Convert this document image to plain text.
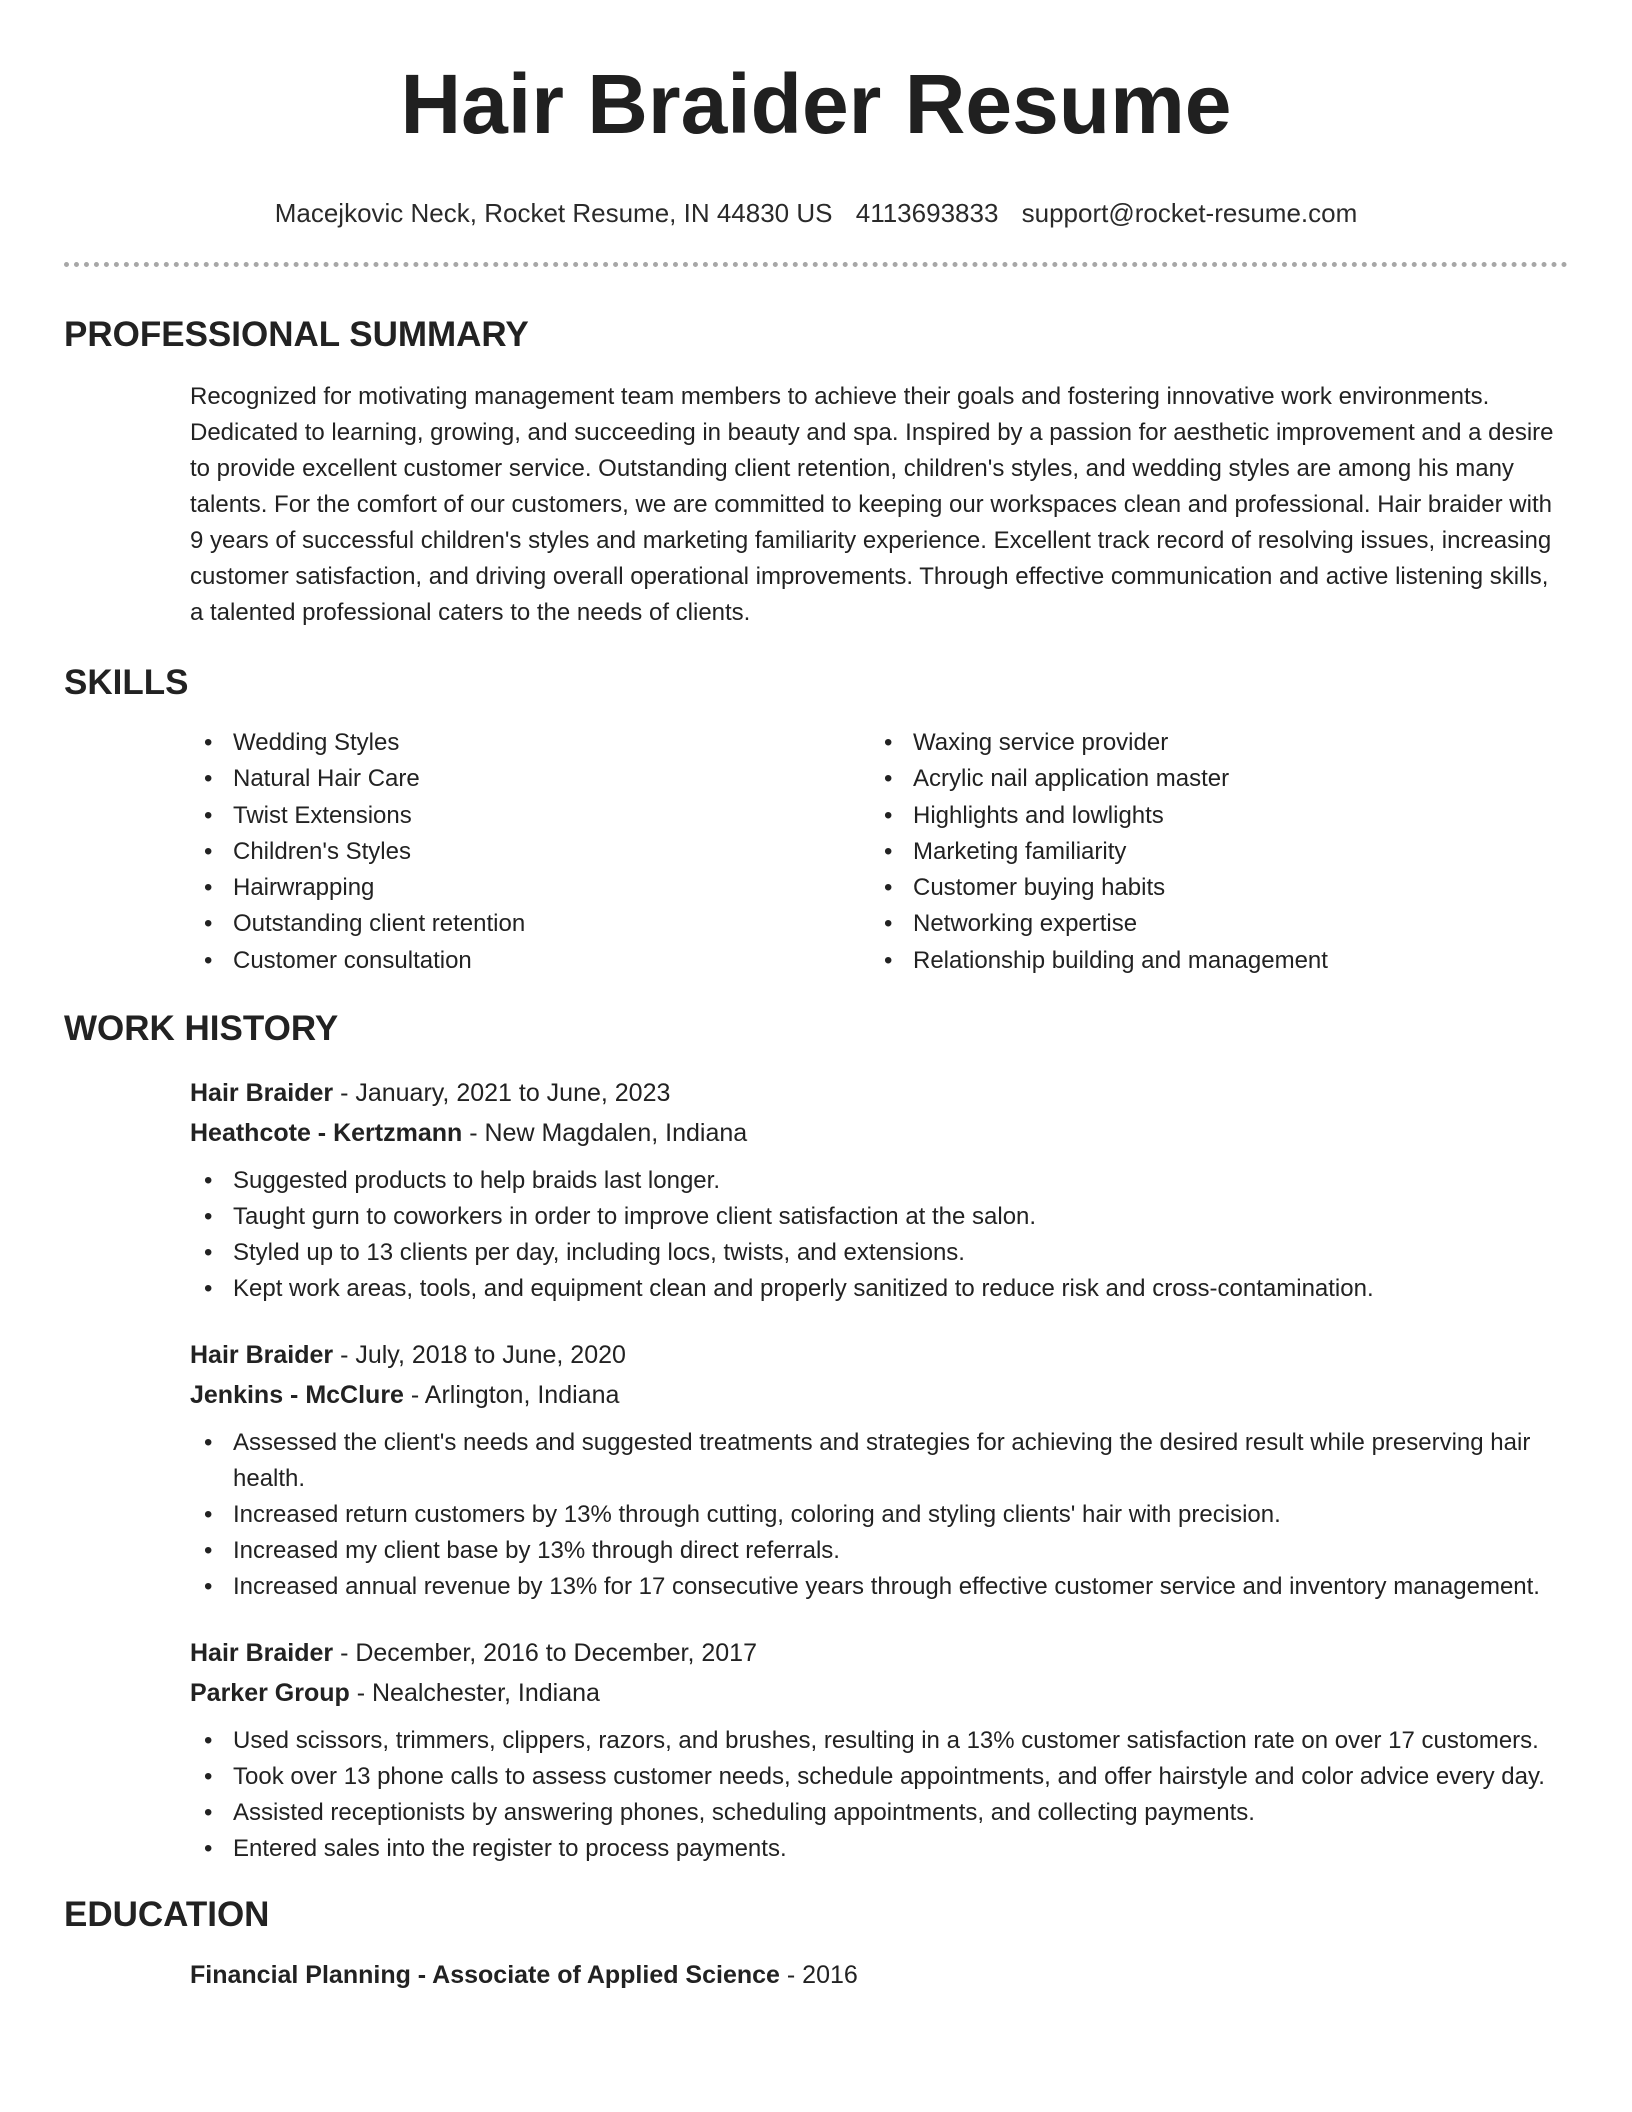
Hair Braider Resume
Macejkovic Neck, Rocket Resume, IN 44830 US 4113693833 support@rocket-resume.com
PROFESSIONAL SUMMARY

Recognized for motivating management team members to achieve their goals and fostering innovative work environments. Dedicated to learning, growing, and succeeding in beauty and spa. Inspired by a passion for aesthetic improvement and a desire to provide excellent customer service. Outstanding client retention, children's styles, and wedding styles are among his many talents. For the comfort of our customers, we are committed to keeping our workspaces clean and professional. Hair braider with 9 years of successful children's styles and marketing familiarity experience. Excellent track record of resolving issues, increasing customer satisfaction, and driving overall operational improvements. Through effective communication and active listening skills, a talented professional caters to the needs of clients.

SKILLS
• Wedding Styles
• Natural Hair Care
• Twist Extensions
• Children's Styles
• Hairwrapping
• Outstanding client retention
• Customer consultation
• Waxing service provider
• Acrylic nail application master
• Highlights and lowlights
• Marketing familiarity
• Customer buying habits
• Networking expertise
• Relationship building and management
WORK HISTORY
Hair Braider - January, 2021 to June, 2023
Heathcote - Kertzmann - New Magdalen, Indiana
• Suggested products to help braids last longer.
• Taught gurn to coworkers in order to improve client satisfaction at the salon.
• Styled up to 13 clients per day, including locs, twists, and extensions.
• Kept work areas, tools, and equipment clean and properly sanitized to reduce risk and cross-contamination.
Hair Braider - July, 2018 to June, 2020
Jenkins - McClure - Arlington, Indiana
• Assessed the client's needs and suggested treatments and strategies for achieving the desired result while preserving hair health.
• Increased return customers by 13% through cutting, coloring and styling clients' hair with precision.
• Increased my client base by 13% through direct referrals.
• Increased annual revenue by 13% for 17 consecutive years through effective customer service and inventory management.
Hair Braider - December, 2016 to December, 2017
Parker Group - Nealchester, Indiana
• Used scissors, trimmers, clippers, razors, and brushes, resulting in a 13% customer satisfaction rate on over 17 customers.
• Took over 13 phone calls to assess customer needs, schedule appointments, and offer hairstyle and color advice every day.
• Assisted receptionists by answering phones, scheduling appointments, and collecting payments.
• Entered sales into the register to process payments.
EDUCATION
Financial Planning - Associate of Applied Science - 2016
